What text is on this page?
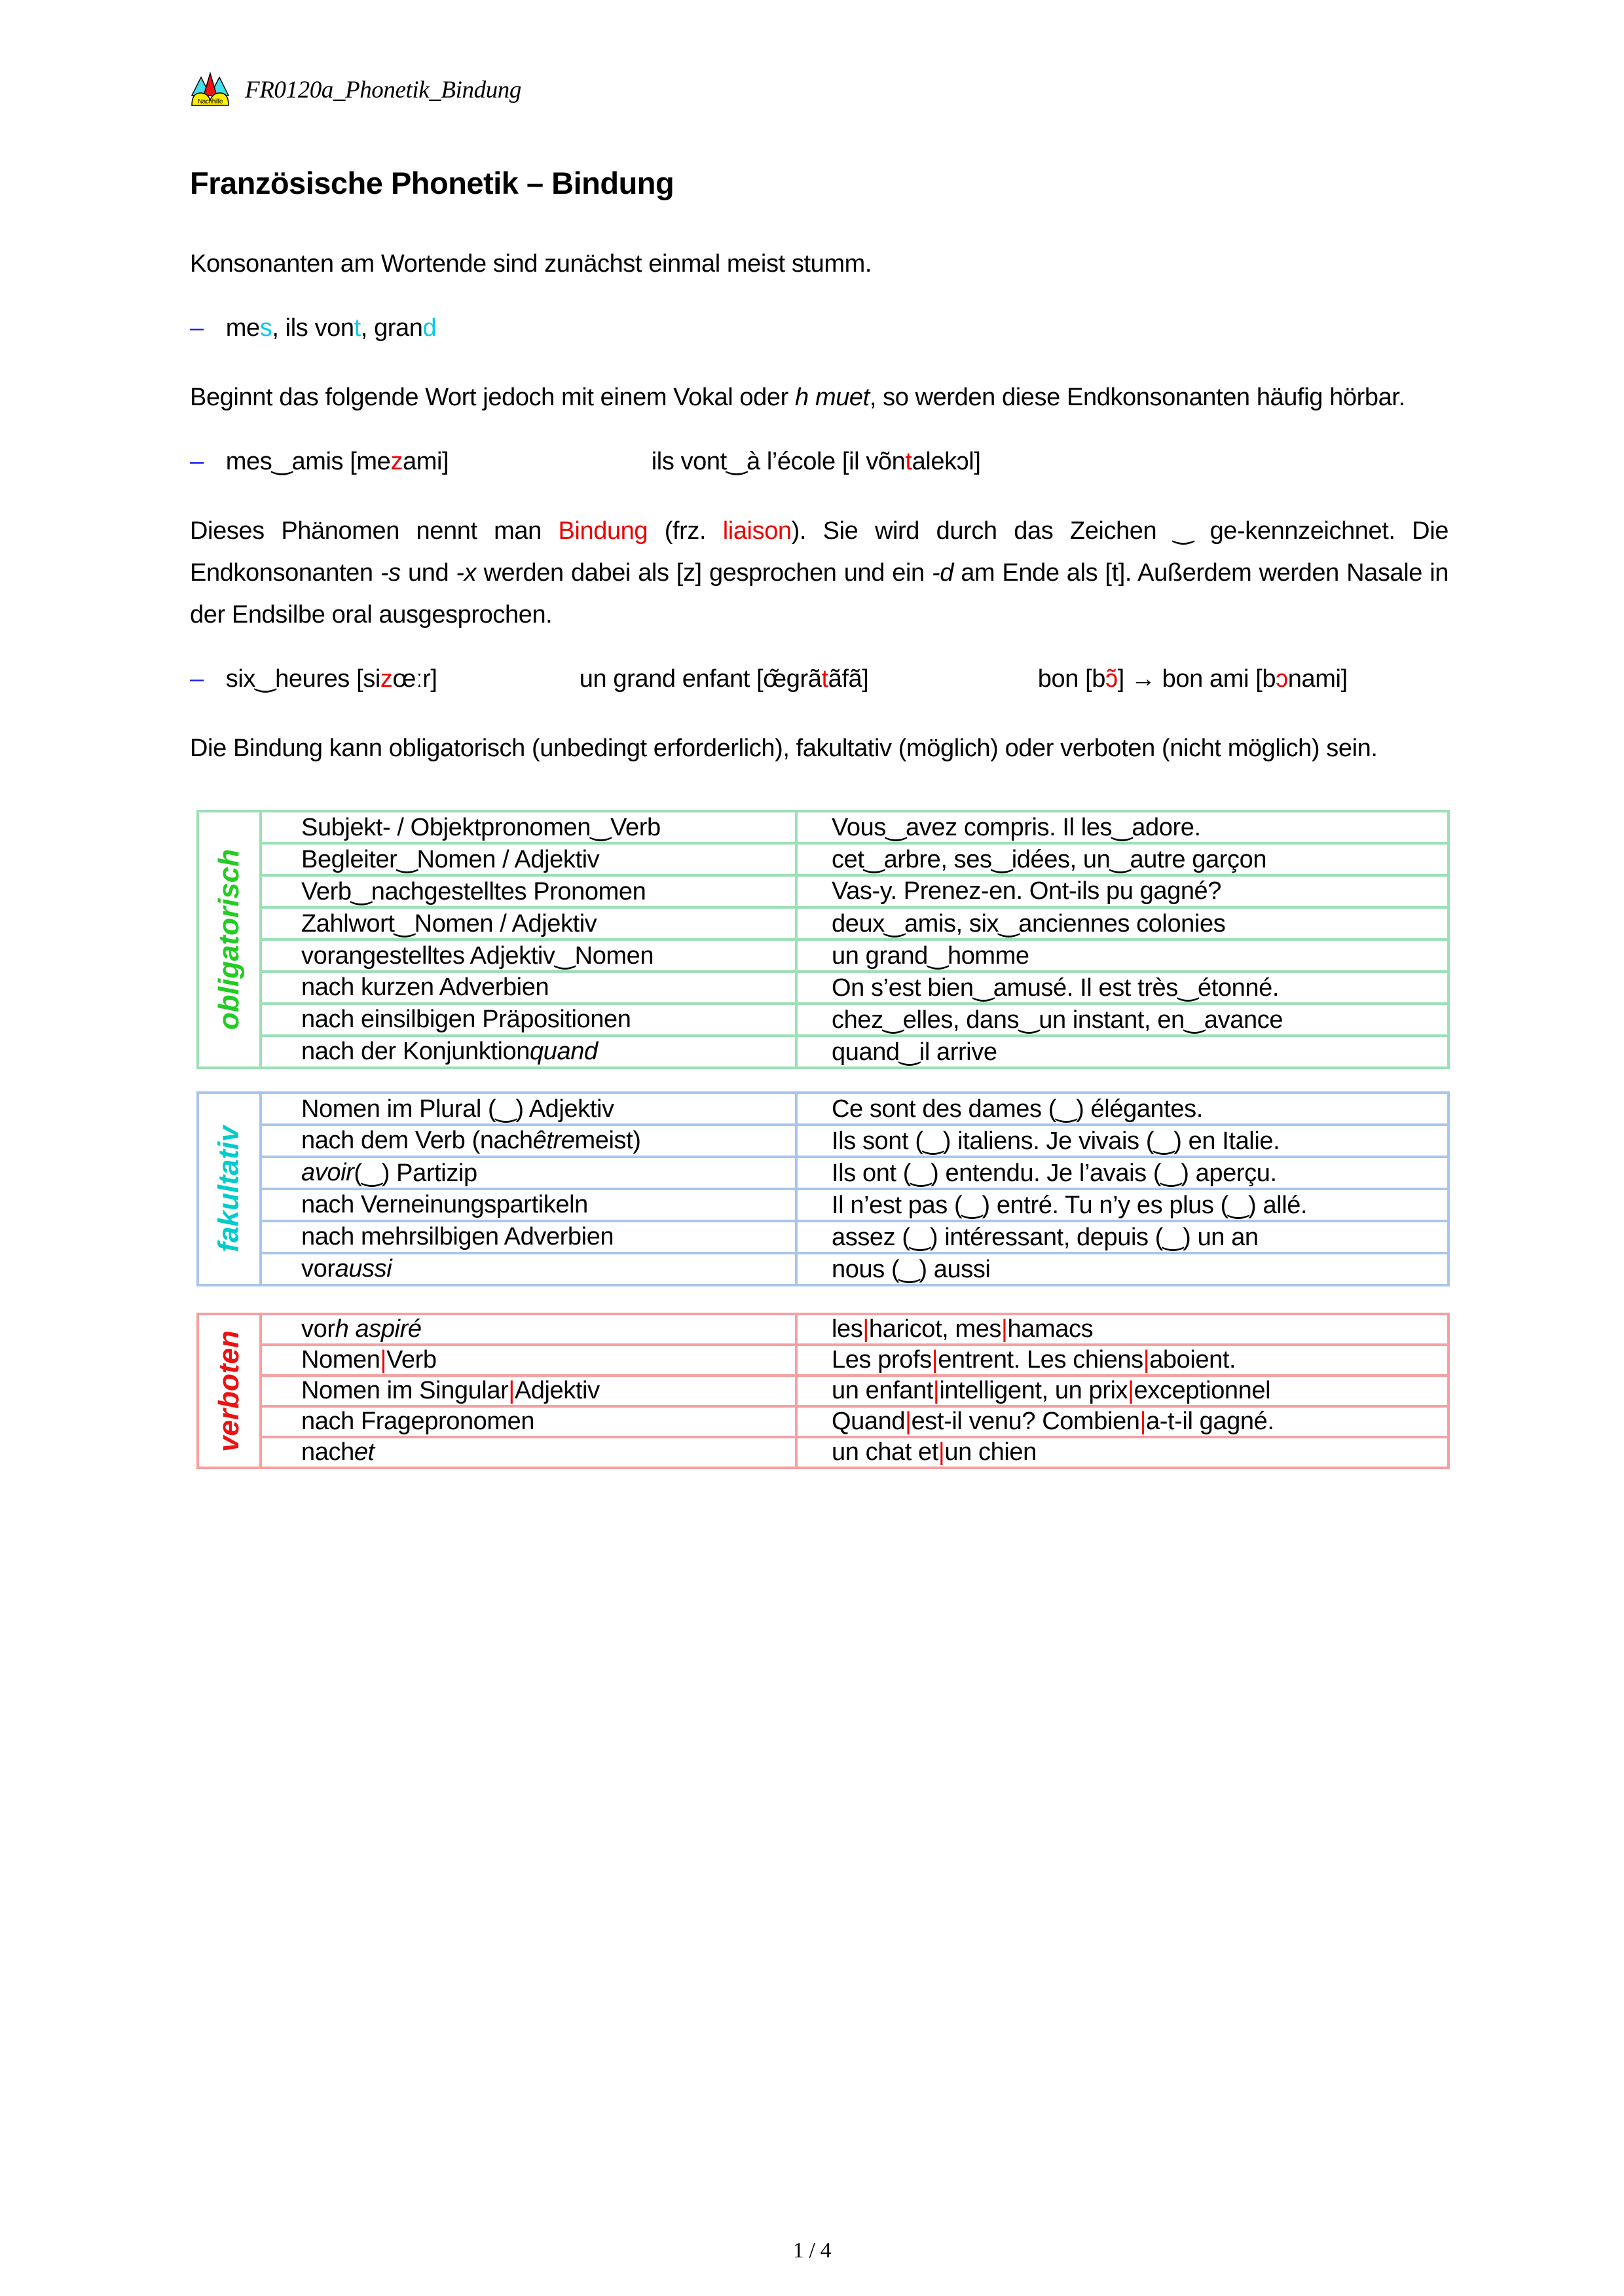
Nachhilfe FR0120a_Phonetik_Bindung
Französische Phonetik – Bindung
Konsonanten am Wortende sind zunächst einmal meist stumm.
– mes, ils vont, grand
Beginnt das folgende Wort jedoch mit einem Vokal oder h muet, so werden diese Endkonsonanten häufig hörbar.
– mes‿amis [mezami]	ils vont‿à l’école [il võntalekɔl]
Dieses Phänomen nennt man Bindung (frz. liaison). Sie wird durch das Zeichen ‿ ge-kennzeichnet. Die Endkonsonanten -s und -x werden dabei als [z] gesprochen und ein -d am Ende als [t]. Außerdem werden Nasale in der Endsilbe oral ausgesprochen.
– six‿heures [sizœːr]	un grand enfant [œ̃grãtãfã]	bon [bɔ̃] → bon ami [bɔnami]
Die Bindung kann obligatorisch (unbedingt erforderlich), fakultativ (möglich) oder verboten (nicht möglich) sein.
obligatorisch
Subjekt- / Objektpronomen‿Verb	Vous‿avez compris. Il les‿adore.
Begleiter‿Nomen / Adjektiv	cet‿arbre, ses‿idées, un‿autre garçon
Verb‿nachgestelltes Pronomen	Vas-y. Prenez-en. Ont-ils pu gagné?
Zahlwort‿Nomen / Adjektiv	deux‿amis, six‿anciennes colonies
vorangestelltes Adjektiv‿Nomen	un grand‿homme
nach kurzen Adverbien	On s’est bien‿amusé. Il est très‿étonné.
nach einsilbigen Präpositionen	chez‿elles, dans‿un instant, en‿avance
nach der Konjunktion quand	quand‿il arrive
fakultativ
Nomen im Plural (‿) Adjektiv	Ce sont des dames (‿) élégantes.
nach dem Verb (nach être meist)	Ils sont (‿) italiens. Je vivais (‿) en Italie.
avoir (‿) Partizip	Ils ont (‿) entendu. Je l’avais (‿) aperçu.
nach Verneinungspartikeln	Il n’est pas (‿) entré. Tu n’y es plus (‿) allé.
nach mehrsilbigen Adverbien	assez (‿) intéressant, depuis (‿) un an
vor aussi	nous (‿) aussi
verboten
vor h aspiré	les | haricot, mes | hamacs
Nomen | Verb	Les profs | entrent. Les chiens | aboient.
Nomen im Singular | Adjektiv	un enfant | intelligent, un prix | exceptionnel
nach Fragepronomen	Quand | est-il venu? Combien | a-t-il gagné.
nach et	un chat et | un chien
1 / 4
